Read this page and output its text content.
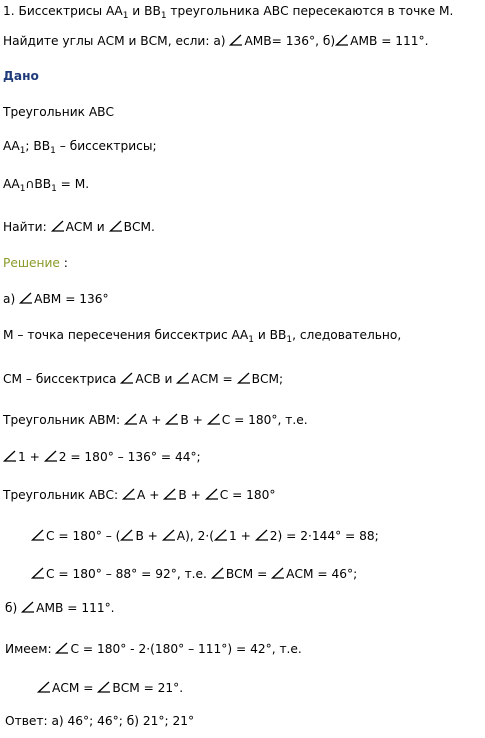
1. Биссектрисы $АА_1$ и $ВВ_1$ треугольника АВС пересекаются в точке М.
Найдите углы АСМ и ВСМ, если: а)
АМВ= 136°, б) АМВ = 111°.
Дано
Треугольник АВС
$АА_1$; $ВВ_1$ – биссектрисы;
$АА_1\cap ВВ_1 = М$.
Найти:
АСМ и
ВСМ.
Решение :
а)
АВМ = 136°
М – точка пересечения биссектрис $АА_1$ и $ВВ_1$, следовательно,
СМ – биссектриса
АСВ и
АСМ =
ВСМ;
Треугольник АВМ:
А +
В +
С = 180°, т.е.
1 +
2 = 180° – 136° = 44°;
Треугольник АВС:
А +
В +
С = 180°
С = 180° – ( В +
А), 2·( 1 +
2) = 2·144° = 88;
С = 180° – 88° = 92°, т.е.
ВСМ =
АСМ = 46°;
б)
АМВ = 111°.
Имеем:
С = 180° - 2·(180° – 111°) = 42°, т.е.
АСМ =
ВСМ = 21°.
Ответ: а) 46°; 46°; б) 21°; 21°
